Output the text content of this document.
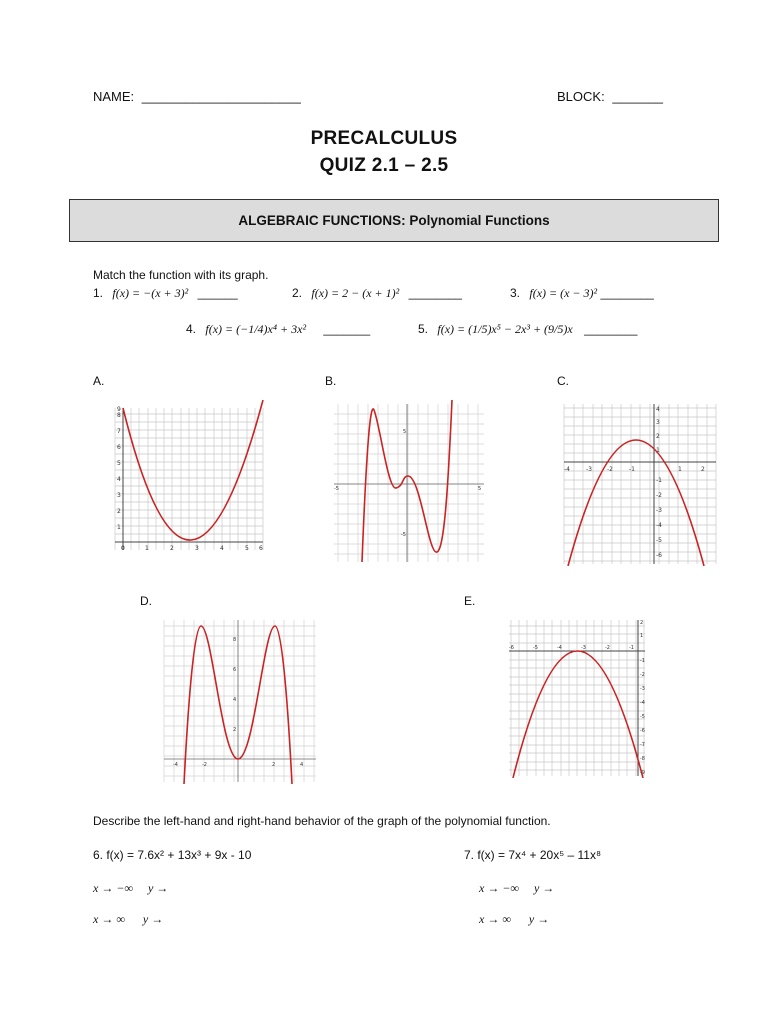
NAME: ______________________	BLOCK: _______
PRECALCULUS
QUIZ 2.1 – 2.5
ALGEBRAIC FUNCTIONS: Polynomial Functions
Match the function with its graph.
1. f(x) = −(x + 3)² ______	2. f(x) = 2 − (x + 1)² ________	3. f(x) = (x − 3)² ________
4. f(x) = (−1/4)x⁴ + 3x² _______	5. f(x) = (1/5)x⁵ − 2x³ + (9/5)x ________
A.	B.	C.
D.	E.
0	1	2	3	4	5 6
1
2
3
4
5
6
7
8
9
-5	5
5
-5
-4	-3	-2	-1	1	2
4
3
2
1
-1
-2
-3
-4
-5
-6
-4	-2	2	4
8
6
4
2
-6	-5	-4	-3	-2	-1
2
1
-1
-2
-3
-4
-5
-6
-7
-8
-9
Describe the left-hand and right-hand behavior of the graph of the polynomial function.
6. f(x) = 7.6x² + 13x³ + 9x - 10	7. f(x) = 7x⁴ + 20x⁵ – 11x⁸
x → −∞     y →	x → −∞     y →
x → ∞      y →	x → ∞      y →
